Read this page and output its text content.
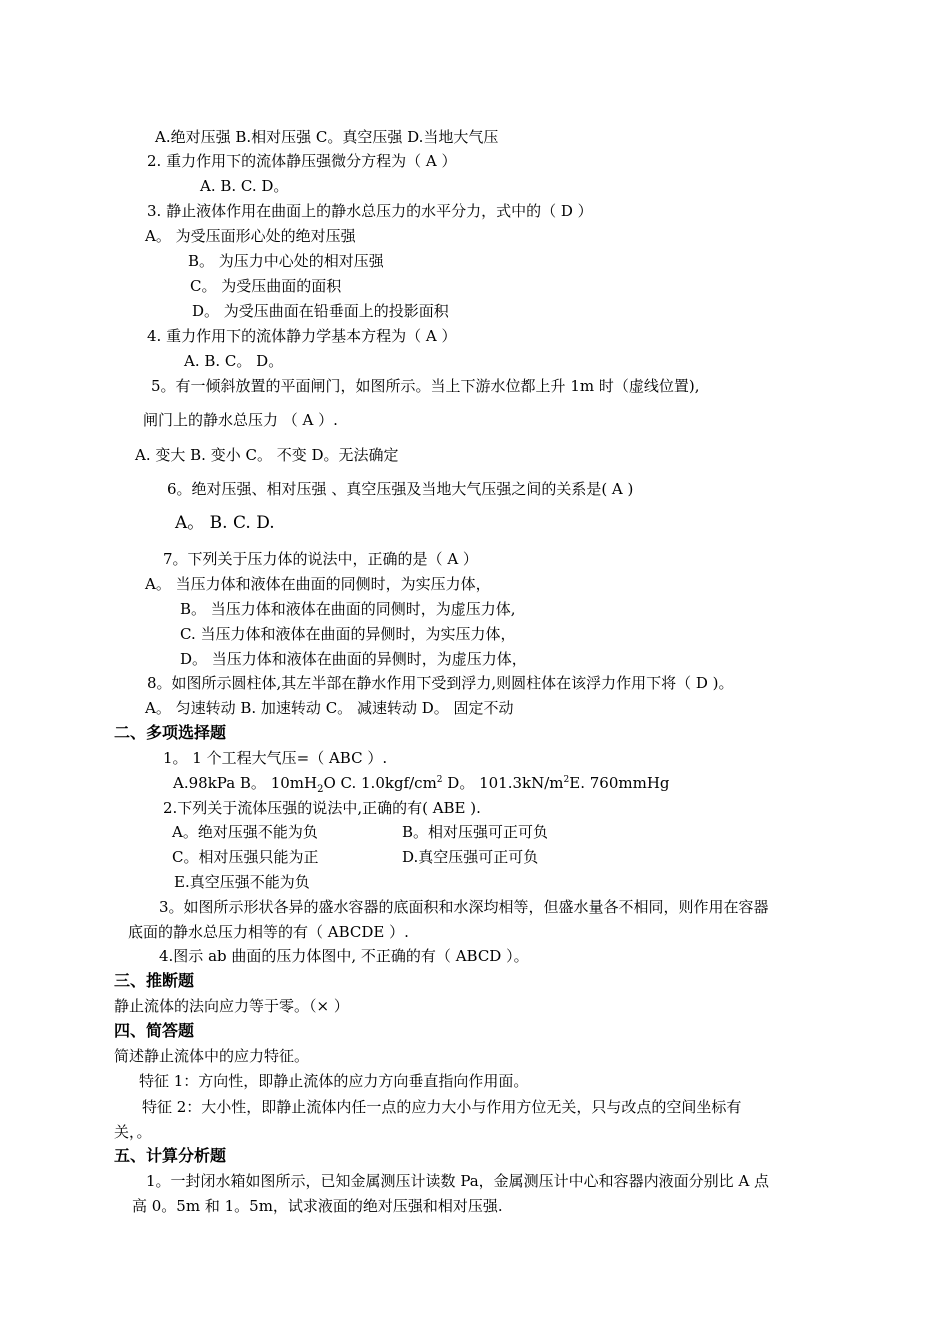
A.绝对压强 B.相对压强 C。真空压强 D.当地大气压
2. 重力作用下的流体静压强微分方程为（ A ）
A. B. C. D。
3. 静止液体作用在曲面上的静水总压力的水平分力，式中的（ D ）
A。 为受压面形心处的绝对压强
B。 为压力中心处的相对压强
C。 为受压曲面的面积
D。 为受压曲面在铅垂面上的投影面积
4. 重力作用下的流体静力学基本方程为（ A ）
A. B. C。 D。
5。有一倾斜放置的平面闸门，如图所示。当上下游水位都上升 1m 时（虚线位置),
闸门上的静水总压力 （ A ）.
A. 变大 B. 变小 C。 不变 D。无法确定
6。绝对压强、相对压强 、真空压强及当地大气压强之间的关系是( A )
A。 B. C. D.
7。下列关于压力体的说法中，正确的是（ A ）
A。 当压力体和液体在曲面的同侧时，为实压力体，
B。 当压力体和液体在曲面的同侧时，为虚压力体,
C. 当压力体和液体在曲面的异侧时，为实压力体，
D。 当压力体和液体在曲面的异侧时，为虚压力体，
8。如图所示圆柱体,其左半部在静水作用下受到浮力,则圆柱体在该浮力作用下将（ D )。
A。 匀速转动 B. 加速转动 C。 减速转动 D。 固定不动
二、多项选择题
1。 1 个工程大气压=（ ABC ）.
A.98kPa B。 $10mH_2O$ C. $1.0kgf/cm^2$ D。 $101.3kN/m^2E$. 760mmHg
2.下列关于流体压强的说法中,正确的有( ABE ).
A。绝对压强不能为负	B。相对压强可正可负
C。相对压强只能为正	D.真空压强可正可负
E.真空压强不能为负
3。如图所示形状各异的盛水容器的底面积和水深均相等，但盛水量各不相同，则作用在容器
底面的静水总压力相等的有（ ABCDE ）.
4.图示 ab 曲面的压力体图中, 不正确的有（ ABCD ）。
三、推断题
静止流体的法向应力等于零。（× ）
四、简答题
简述静止流体中的应力特征。
特征 1：方向性，即静止流体的应力方向垂直指向作用面。
特征 2：大小性，即静止流体内任一点的应力大小与作用方位无关，只与改点的空间坐标有
关，。
五、计算分析题
1。一封闭水箱如图所示，已知金属测压计读数 Pa，金属测压计中心和容器内液面分别比 A 点
高 0。5m 和 1。5m，试求液面的绝对压强和相对压强.
